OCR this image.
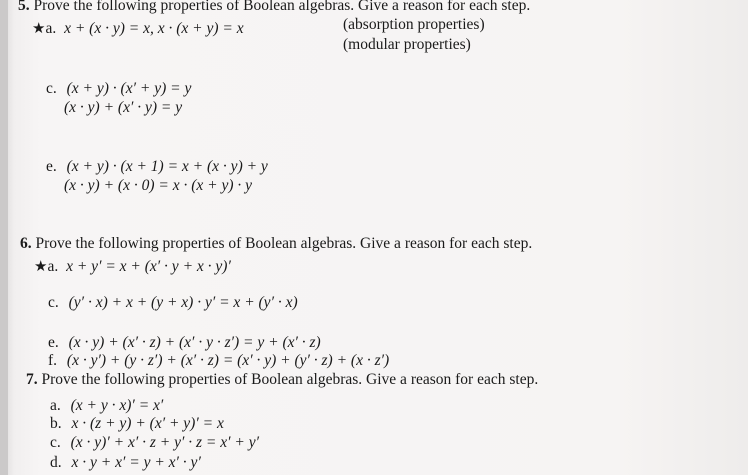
5. Prove the following properties of Boolean algebras. Give a reason for each step.
★a. x + (x · y) = x, x · (x + y) = x	(absorption properties)
(modular properties)
c. (x + y) · (x′ + y) = y
(x · y) + (x′ · y) = y
e. (x + y) · (x + 1) = x + (x · y) + y
(x · y) + (x · 0) = x · (x + y) · y
6. Prove the following properties of Boolean algebras. Give a reason for each step.
★a. x + y′ = x + (x′ · y + x · y)′
c. (y′ · x) + x + (y + x) · y′ = x + (y′ · x)
e. (x · y) + (x′ · z) + (x′ · y · z′) = y + (x′ · z)
f. (x · y′) + (y · z′) + (x′ · z) = (x′ · y) + (y′ · z) + (x · z′)
7. Prove the following properties of Boolean algebras. Give a reason for each step.
a. (x + y · x)′ = x′
b. x · (z + y) + (x′ + y)′ = x
c. (x · y)′ + x′ · z + y′ · z = x′ + y′
d. x · y + x′ = y + x′ · y′
